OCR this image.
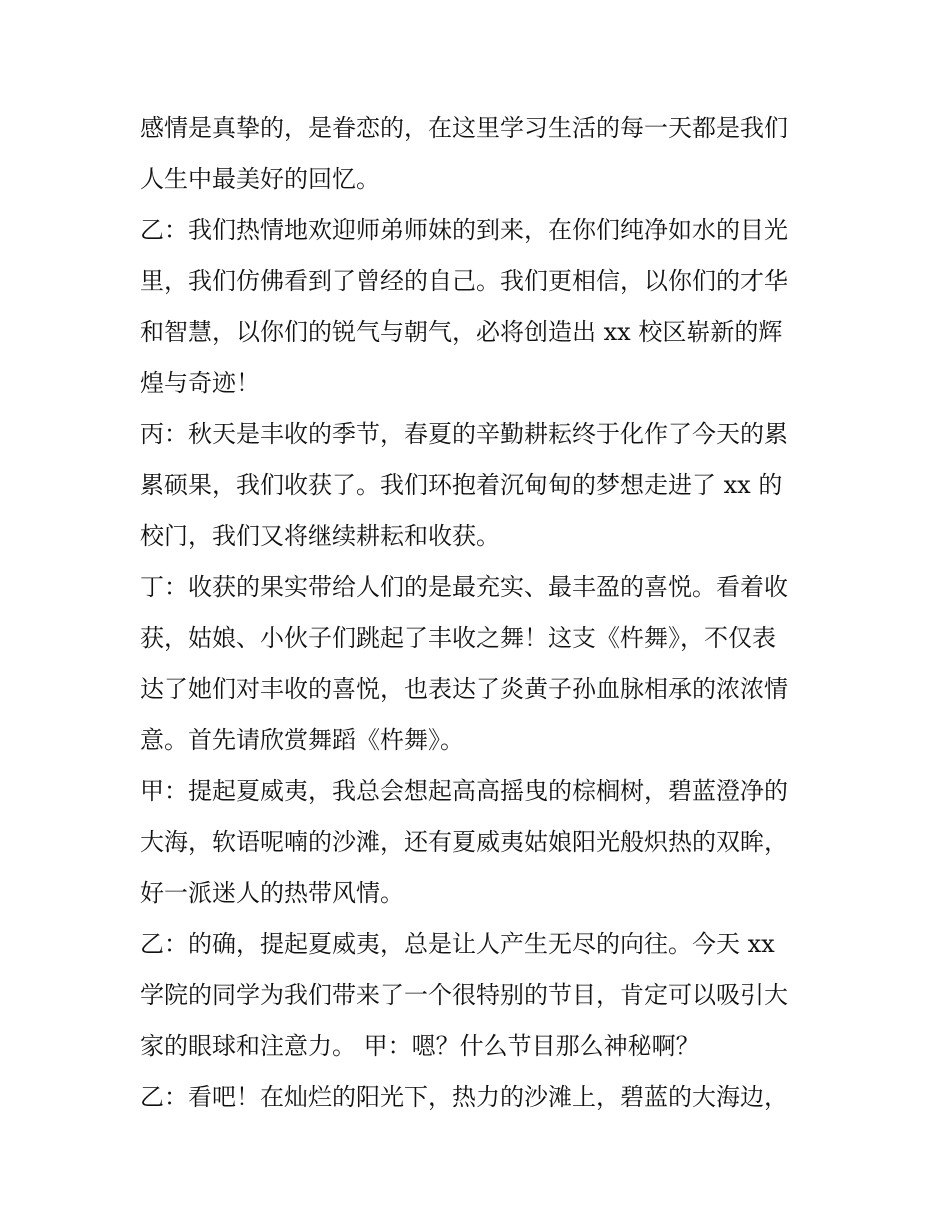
感情是真挚的，是眷恋的，在这里学习生活的每一天都是我们
人生中最美好的回忆。
乙：我们热情地欢迎师弟师妹的到来，在你们纯净如水的目光
里，我们仿佛看到了曾经的自己。我们更相信，以你们的才华
和智慧，以你们的锐气与朝气，必将创造出 xx 校区崭新的辉
煌与奇迹！
丙：秋天是丰收的季节，春夏的辛勤耕耘终于化作了今天的累
累硕果，我们收获了。我们环抱着沉甸甸的梦想走进了 xx 的
校门，我们又将继续耕耘和收获。
丁：收获的果实带给人们的是最充实、最丰盈的喜悦。看着收
获，姑娘、小伙子们跳起了丰收之舞！这支《杵舞》，不仅表
达了她们对丰收的喜悦，也表达了炎黄子孙血脉相承的浓浓情
意。首先请欣赏舞蹈《杵舞》。
甲：提起夏威夷，我总会想起高高摇曳的棕榈树，碧蓝澄净的
大海，软语呢喃的沙滩，还有夏威夷姑娘阳光般炽热的双眸，
好一派迷人的热带风情。
乙：的确，提起夏威夷，总是让人产生无尽的向往。今天 xx
学院的同学为我们带来了一个很特别的节目，肯定可以吸引大
家的眼球和注意力。 甲：嗯？什么节目那么神秘啊？
乙：看吧！在灿烂的阳光下，热力的沙滩上，碧蓝的大海边，
